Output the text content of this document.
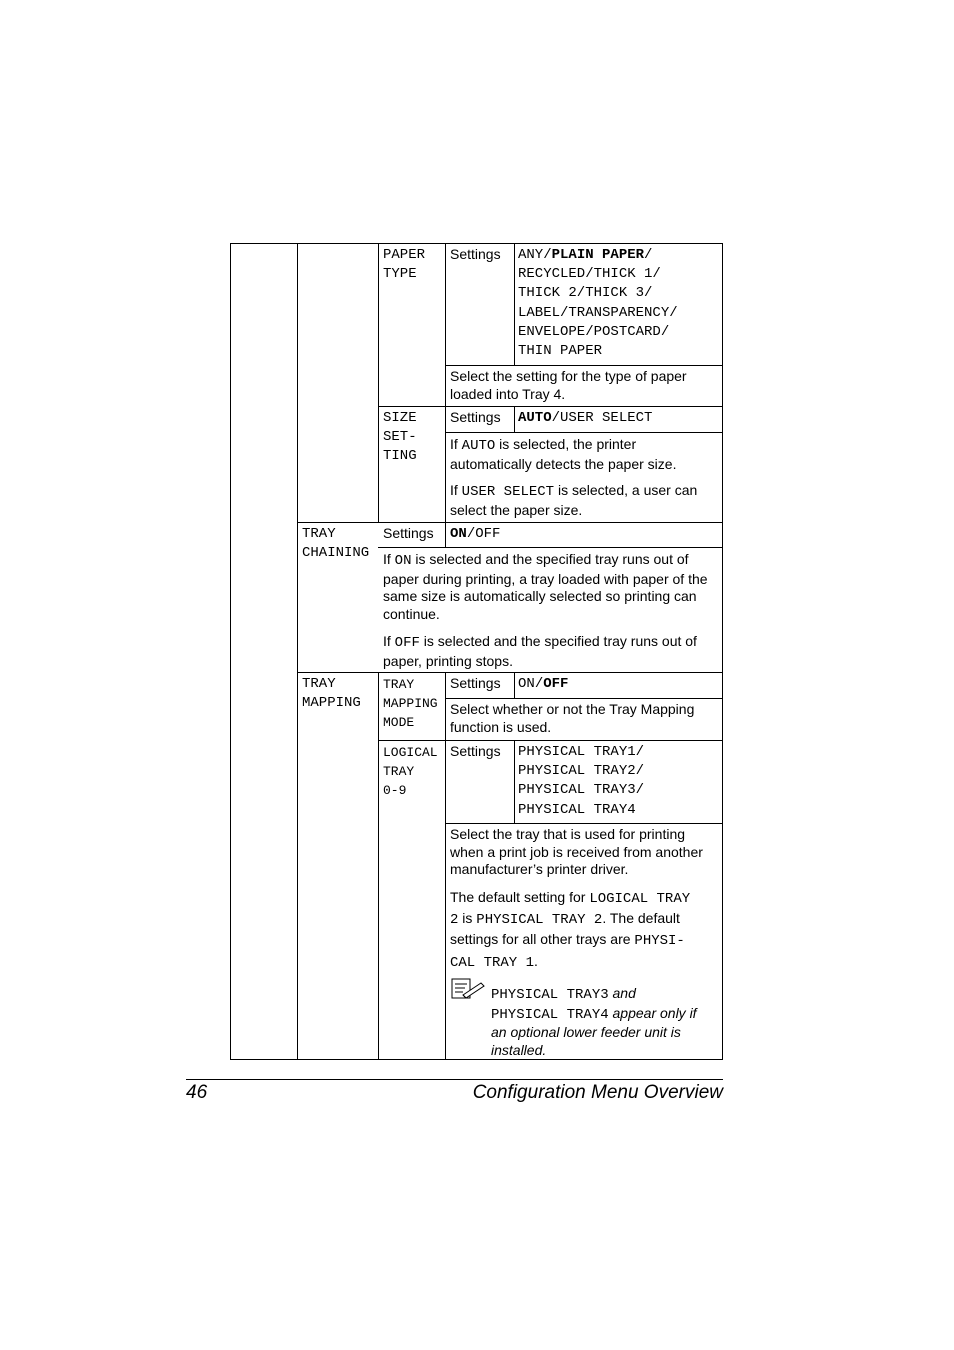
PAPER
TYPE
Settings ANY/PLAIN PAPER/
RECYCLED/THICK 1/
THICK 2/THICK 3/
LABEL/TRANSPARENCY/
ENVELOPE/POSTCARD/
THIN PAPER
Select the setting for the type of paper
loaded into Tray 4.
SIZE
SET-
TING
Settings AUTO/USER SELECT
If AUTO is selected, the printer
automatically detects the paper size.
If USER SELECT is selected, a user can
select the paper size.
TRAY
CHAINING
Settings ON/OFF
If ON is selected and the specified tray runs out of
paper during printing, a tray loaded with paper of the
same size is automatically selected so printing can
continue.
If OFF is selected and the specified tray runs out of
paper, printing stops.
TRAY
MAPPING
TRAY
MAPPING
MODE
Settings ON/OFF
Select whether or not the Tray Mapping
function is used.
LOGICAL
TRAY
0-9
Settings PHYSICAL TRAY1/
PHYSICAL TRAY2/
PHYSICAL TRAY3/
PHYSICAL TRAY4
Select the tray that is used for printing
when a print job is received from another
manufacturer’s printer driver.
The default setting for LOGICAL TRAY
2 is PHYSICAL TRAY 2. The default
settings for all other trays are PHYSI-
CAL TRAY 1.
PHYSICAL TRAY3 and
PHYSICAL TRAY4 appear only if
an optional lower feeder unit is
installed.
46	Configuration Menu Overview
